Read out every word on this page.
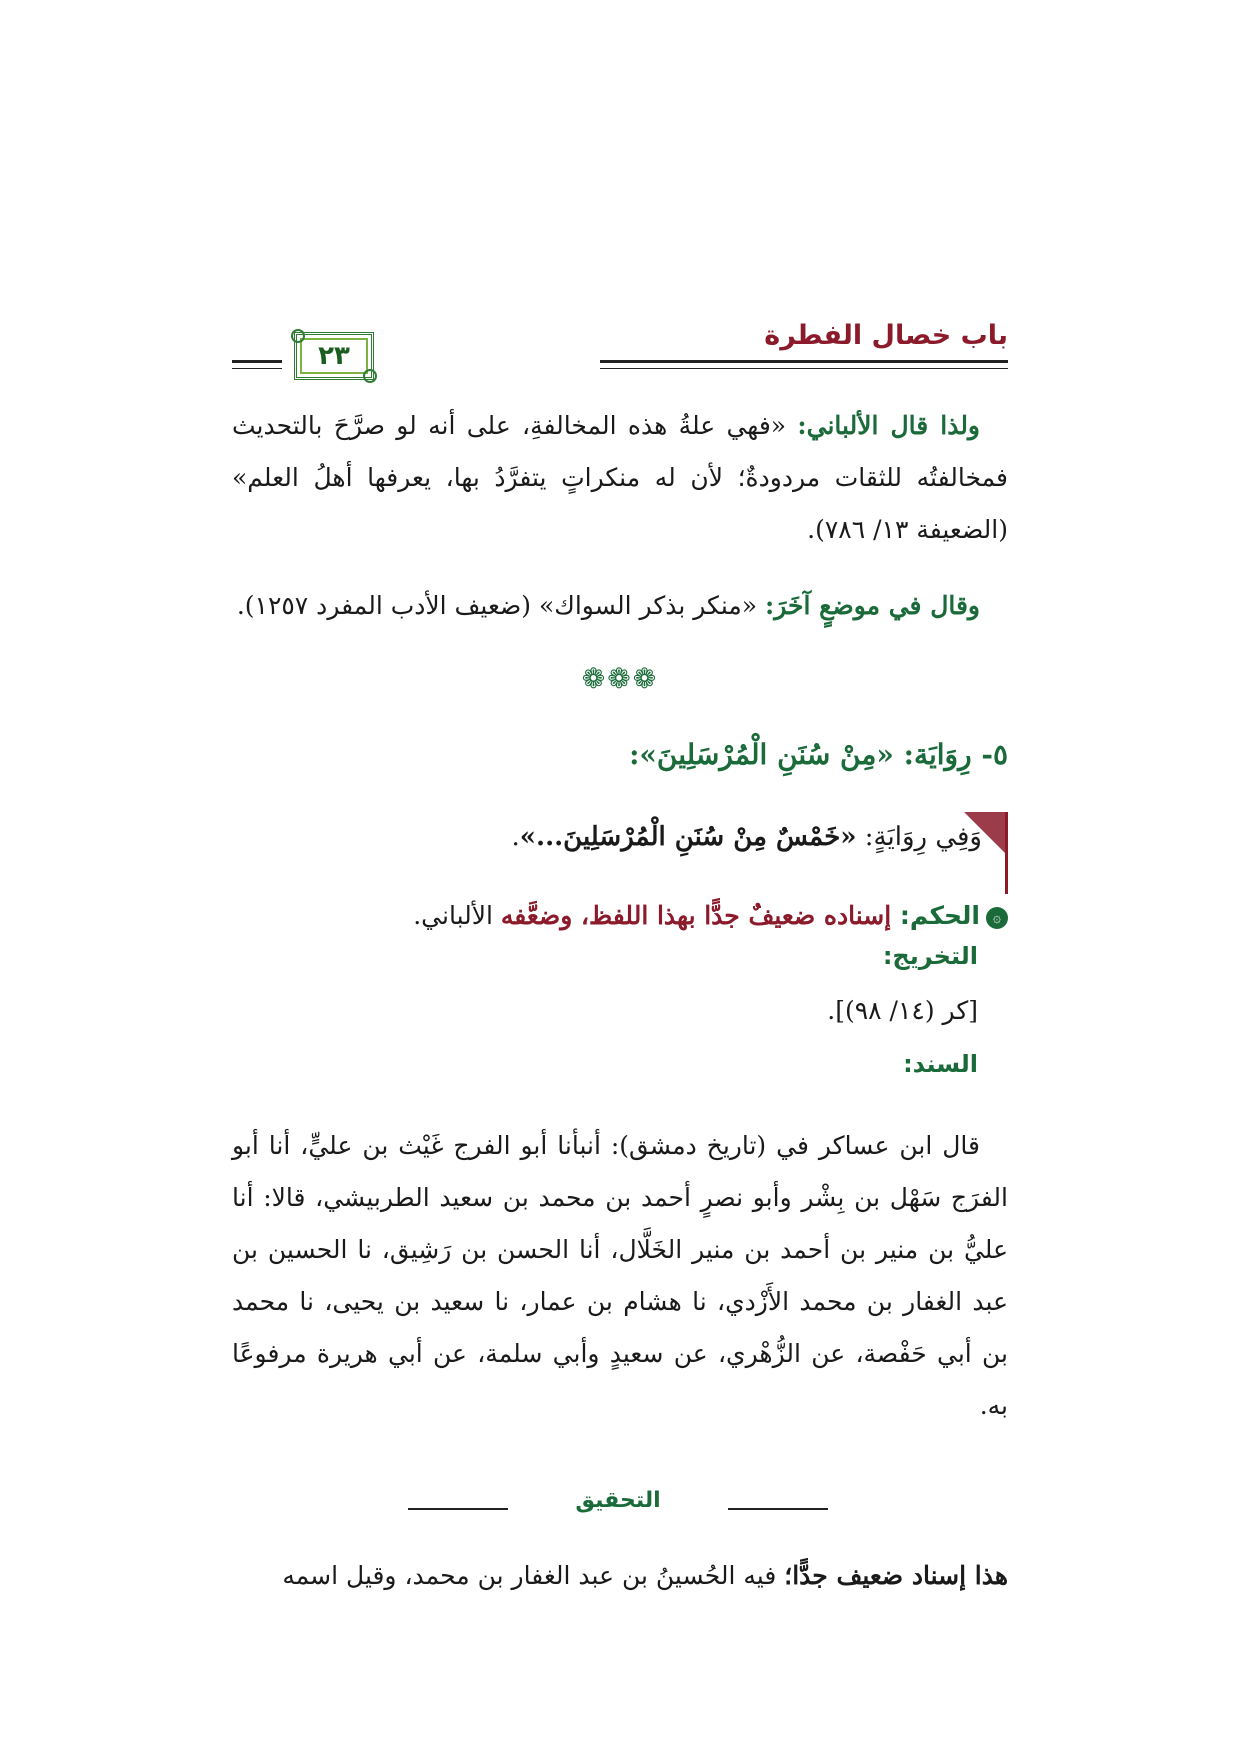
باب خصال الفطرة
٢٣

ولذا قال الألباني: «فهي علةُ هذه المخالفةِ، على أنه لو صرَّحَ بالتحديث فمخالفتُه للثقات مردودةٌ؛ لأن له منكراتٍ يتفرَّدُ بها، يعرفها أهلُ العلم» (الضعيفة ١٣/ ٧٨٦).

وقال في موضعٍ آخَرَ: «منكر بذكر السواك» (ضعيف الأدب المفرد ١٢٥٧).

❁❁❁
٥- رِوَايَة: «مِنْ سُنَنِ الْمُرْسَلِينَ»:
وَفِي رِوَايَةٍ: «خَمْسٌ مِنْ سُنَنِ الْمُرْسَلِينَ...».
۞الحكم: إسناده ضعيفٌ جدًّا بهذا اللفظ، وضعَّفه الألباني.
التخريج:
[كر (١٤/ ٩٨)].
السند:

قال ابن عساكر في (تاريخ دمشق): أنبأنا أبو الفرج غَيْث بن عليٍّ، أنا أبو الفرَج سَهْل بن بِشْر وأبو نصرٍ أحمد بن محمد بن سعيد الطربيشي، قالا: أنا عليُّ بن منير بن أحمد بن منير الخَلَّال، أنا الحسن بن رَشِيق، نا الحسين بن عبد الغفار بن محمد الأَزْدي، نا هشام بن عمار، نا سعيد بن يحيى، نا محمد بن أبي حَفْصة، عن الزُّهْري، عن سعيدٍ وأبي سلمة، عن أبي هريرة مرفوعًا به.

التحقيق

هذا إسناد ضعيف جدًّا؛ فيه الحُسينُ بن عبد الغفار بن محمد، وقيل اسمه
